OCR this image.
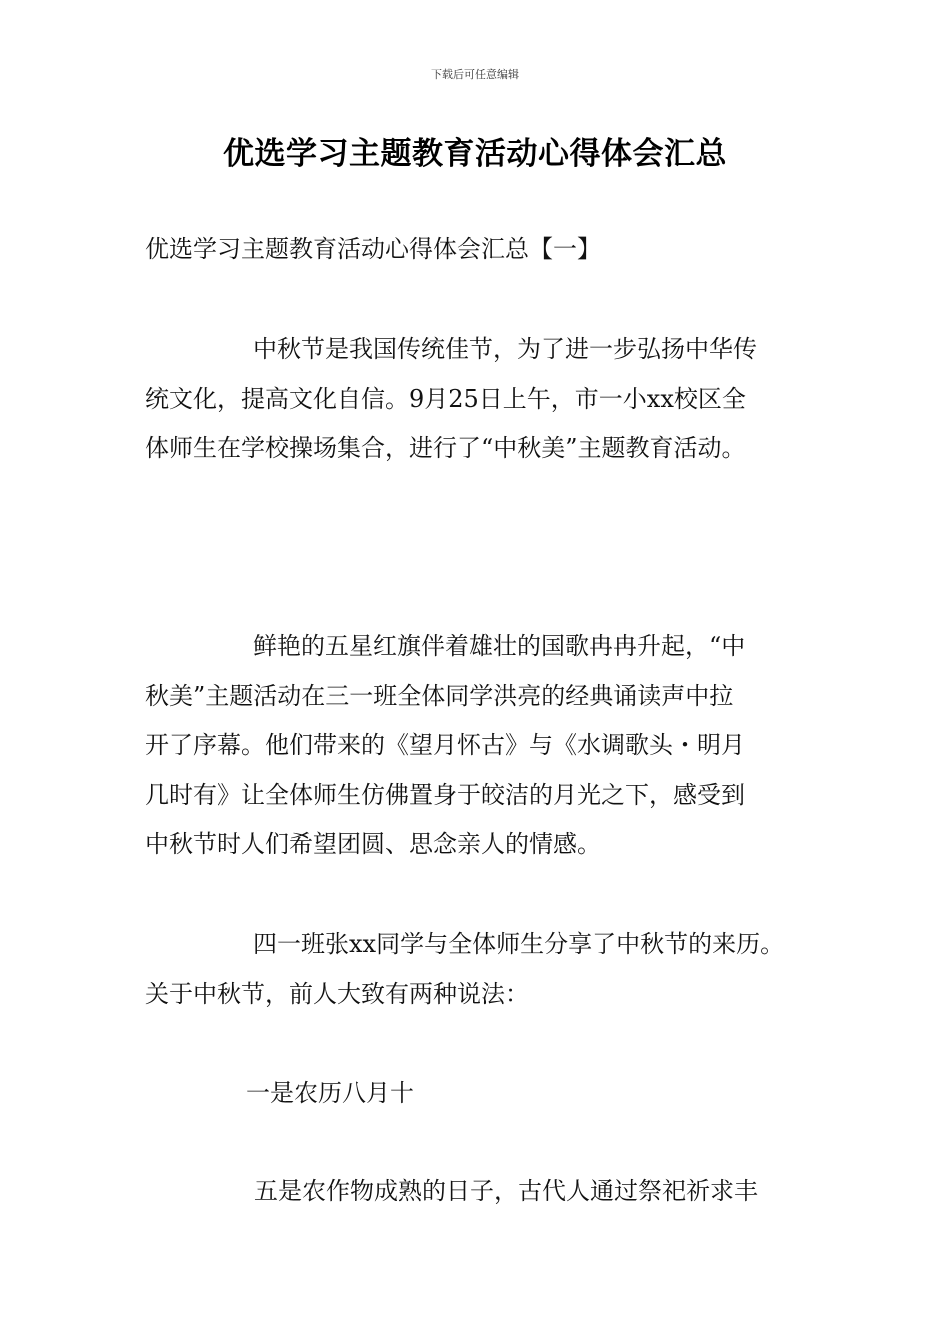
下载后可任意编辑
优选学习主题教育活动心得体会汇总
优选学习主题教育活动心得体会汇总【一】
中秋节是我国传统佳节，为了进一步弘扬中华传
统文化，提高文化自信。9月25日上午，市一小xx校区全
体师生在学校操场集合，进行了“中秋美”主题教育活动。
鲜艳的五星红旗伴着雄壮的国歌冉冉升起，“中
秋美”主题活动在三一班全体同学洪亮的经典诵读声中拉
开了序幕。他们带来的《望月怀古》与《水调歌头・明月
几时有》让全体师生仿佛置身于皎洁的月光之下，感受到
中秋节时人们希望团圆、思念亲人的情感。
四一班张xx同学与全体师生分享了中秋节的来历。
关于中秋节，前人大致有两种说法：
一是农历八月十
五是农作物成熟的日子，古代人通过祭祀祈求丰
